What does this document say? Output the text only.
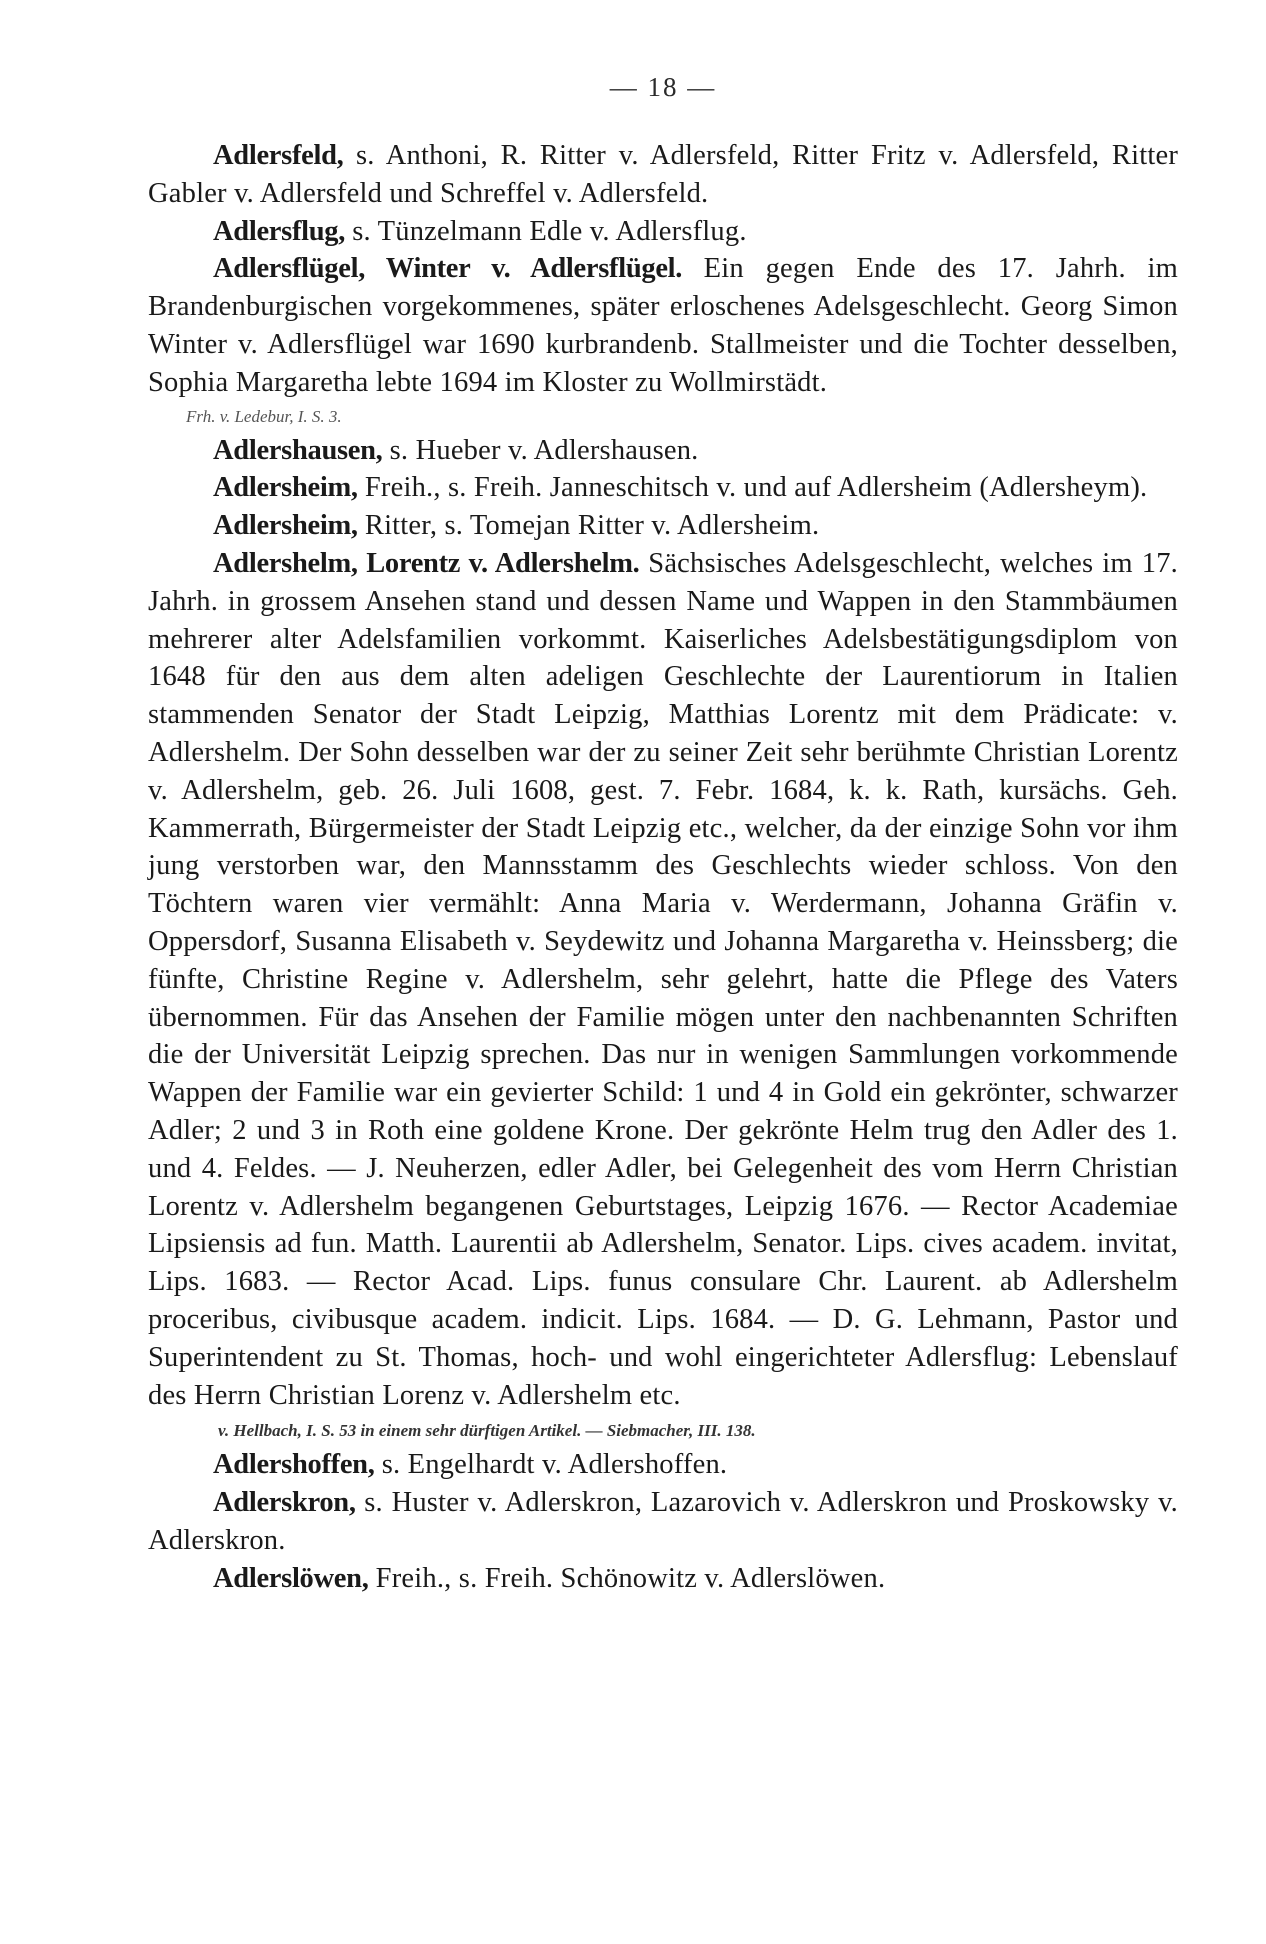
— 18 —

Adlersfeld, s. Anthoni, R. Ritter v. Adlersfeld, Ritter Fritz v. Adlersfeld, Ritter Gabler v. Adlersfeld und Schreffel v. Adlersfeld.

Adlersflug, s. Tünzelmann Edle v. Adlersflug.

Adlersflügel, Winter v. Adlersflügel. Ein gegen Ende des 17. Jahrh. im Brandenburgischen vorgekommenes, später erloschenes Adelsgeschlecht. Georg Simon Winter v. Adlersflügel war 1690 kurbrandenb. Stallmeister und die Tochter desselben, Sophia Margaretha lebte 1694 im Kloster zu Wollmirstädt.

Frh. v. Ledebur, I. S. 3.

Adlershausen, s. Hueber v. Adlershausen.

Adlersheim, Freih., s. Freih. Janneschitsch v. und auf Adlersheim (Adlersheym).

Adlersheim, Ritter, s. Tomejan Ritter v. Adlersheim.

Adlershelm, Lorentz v. Adlershelm. Sächsisches Adelsgeschlecht, welches im 17. Jahrh. in grossem Ansehen stand und dessen Name und Wappen in den Stammbäumen mehrerer alter Adelsfamilien vorkommt. Kaiserliches Adelsbestätigungsdiplom von 1648 für den aus dem alten adeligen Geschlechte der Laurentiorum in Italien stammenden Senator der Stadt Leipzig, Matthias Lorentz mit dem Prädicate: v. Adlershelm. Der Sohn desselben war der zu seiner Zeit sehr berühmte Christian Lorentz v. Adlershelm, geb. 26. Juli 1608, gest. 7. Febr. 1684, k. k. Rath, kursächs. Geh. Kammerrath, Bürgermeister der Stadt Leipzig etc., welcher, da der einzige Sohn vor ihm jung verstorben war, den Mannsstamm des Geschlechts wieder schloss. Von den Töchtern waren vier vermählt: Anna Maria v. Werdermann, Johanna Gräfin v. Oppersdorf, Susanna Elisabeth v. Seydewitz und Johanna Margaretha v. Heinssberg; die fünfte, Christine Regine v. Adlershelm, sehr gelehrt, hatte die Pflege des Vaters übernommen. Für das Ansehen der Familie mögen unter den nachbenannten Schriften die der Universität Leipzig sprechen. Das nur in wenigen Sammlungen vorkommende Wappen der Familie war ein gevierter Schild: 1 und 4 in Gold ein gekrönter, schwarzer Adler; 2 und 3 in Roth eine goldene Krone. Der gekrönte Helm trug den Adler des 1. und 4. Feldes. — J. Neuherzen, edler Adler, bei Gelegenheit des vom Herrn Christian Lorentz v. Adlershelm begangenen Geburtstages, Leipzig 1676. — Rector Academiae Lipsiensis ad fun. Matth. Laurentii ab Adlershelm, Senator. Lips. cives academ. invitat, Lips. 1683. — Rector Acad. Lips. funus consulare Chr. Laurent. ab Adlershelm proceribus, civibusque academ. indicit. Lips. 1684. — D. G. Lehmann, Pastor und Superintendent zu St. Thomas, hoch- und wohl eingerichteter Adlersflug: Lebenslauf des Herrn Christian Lorenz v. Adlershelm etc.

v. Hellbach, I. S. 53 in einem sehr dürftigen Artikel. — Siebmacher, III. 138.

Adlershoffen, s. Engelhardt v. Adlershoffen.

Adlerskron, s. Huster v. Adlerskron, Lazarovich v. Adlerskron und Proskowsky v. Adlerskron.

Adlerslöwen, Freih., s. Freih. Schönowitz v. Adlerslöwen.
